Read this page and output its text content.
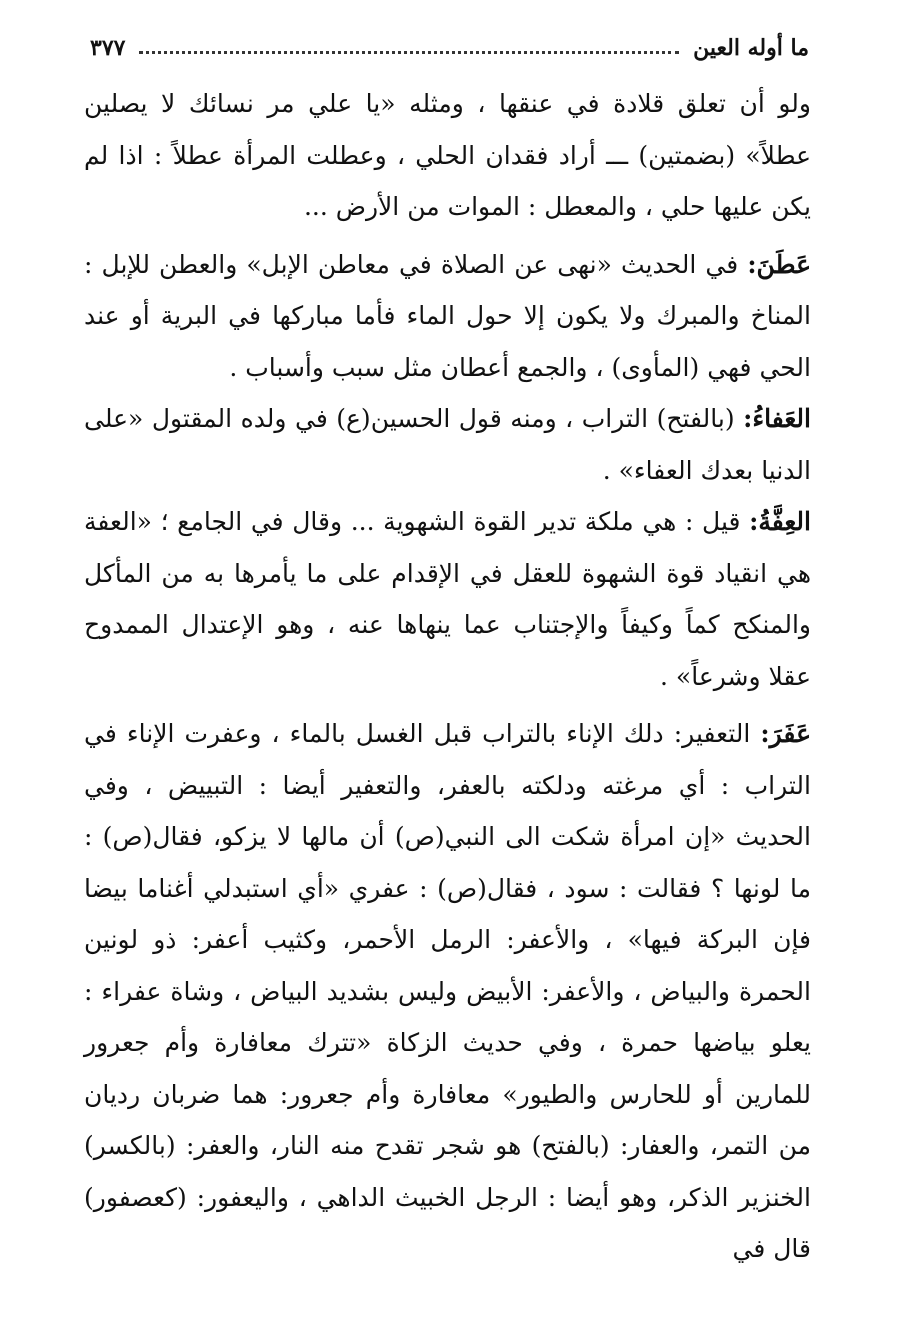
ما أوله العين
٣٧٧

ولو أن تعلق قلادة في عنقها ، ومثله «يا علي مر نسائك لا يصلين عطلاً» (بضمتين) ـــ أراد فقدان الحلي ، وعطلت المرأة عطلاً : اذا لم يكن عليها حلي ، والمعطل : الموات من الأرض ...

عَطَنَ: في الحديث «نهى عن الصلاة في معاطن الإبل» والعطن للإبل : المناخ والمبرك ولا يكون إلا حول الماء فأما مباركها في البرية أو عند الحي فهي (المأوى) ، والجمع أعطان مثل سبب وأسباب .

العَفاءُ: (بالفتح) التراب ، ومنه قول الحسين(ع) في ولده المقتول «على الدنيا بعدك العفاء» .

العِفَّةُ: قيل : هي ملكة تدير القوة الشهوية ... وقال في الجامع ؛ «العفة هي انقياد قوة الشهوة للعقل في الإقدام على ما يأمرها به من المأكل والمنكح كماً وكيفاً والإجتناب عما ينهاها عنه ، وهو الإعتدال الممدوح عقلا وشرعاً» .

عَفَرَ: التعفير: دلك الإناء بالتراب قبل الغسل بالماء ، وعفرت الإناء في التراب : أي مرغته ودلكته بالعفر، والتعفير أيضا : التبييض ، وفي الحديث «إن امرأة شكت الى النبي(ص) أن مالها لا يزكو، فقال(ص) : ما لونها ؟ فقالت : سود ، فقال(ص) : عفري «أي استبدلي أغناما بيضا فإن البركة فيها» ، والأعفر: الرمل الأحمر، وكثيب أعفر: ذو لونين الحمرة والبياض ، والأعفر: الأبيض وليس بشديد البياض ، وشاة عفراء : يعلو بياضها حمرة ، وفي حديث الزكاة «تترك معافارة وأم جعرور للمارين أو للحارس والطيور» معافارة وأم جعرور: هما ضربان رديان من التمر، والعفار: (بالفتح) هو شجر تقدح منه النار، والعفر: (بالكسر) الخنزير الذكر، وهو أيضا : الرجل الخبيث الداهي ، واليعفور: (كعصفور) قال في
